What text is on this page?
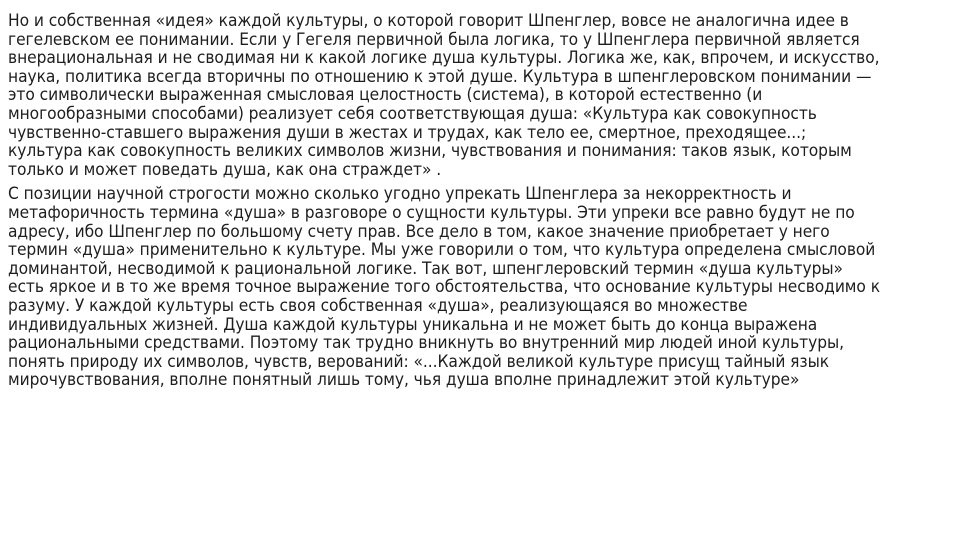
Но и собственная «идея» каждой культуры, о которой говорит Шпенглер, вовсе не аналогична идее в гегелевском ее понимании. Если у Гегеля первичной была логика, то у Шпенглера первичной является внерациональная и не сводимая ни к какой логике душа культуры. Логика же, как, впрочем, и искусство, наука, политика всегда вторичны по отношению к этой душе. Культура в шпенглеровском понимании — это символически выраженная смысловая целостность (система), в которой естественно (и многообразными способами) реализует себя соответствующая душа: «Культура как совокупность чувственно-ставшего выражения души в жестах и трудах, как тело ее, смертное, преходящее...; культура как совокупность великих символов жизни, чувствования и понимания: таков язык, которым только и может поведать душа, как она страждет» .

С позиции научной строгости можно сколько угодно упрекать Шпенглера за некорректность и метафоричность термина «душа» в разговоре о сущности культуры. Эти упреки все равно будут не по адресу, ибо Шпенглер по большому счету прав. Все дело в том, какое значение приобретает у него термин «душа» применительно к культуре. Мы уже говорили о том, что культура определена смысловой доминантой, несводимой к рациональной логике. Так вот, шпенглеровский термин «душа культуры» есть яркое и в то же время точное выражение того обстоятельства, что основание культуры несводимо к разуму. У каждой культуры есть своя собственная «душа», реализующаяся во множестве индивидуальных жизней. Душа каждой культуры уникальна и не может быть до конца выражена рациональными средствами. Поэтому так трудно вникнуть во внутренний мир людей иной культуры, понять природу их символов, чувств, верований: «...Каждой великой культуре присущ тайный язык мирочувствования, вполне понятный лишь тому, чья душа вполне принадлежит этой культуре»
